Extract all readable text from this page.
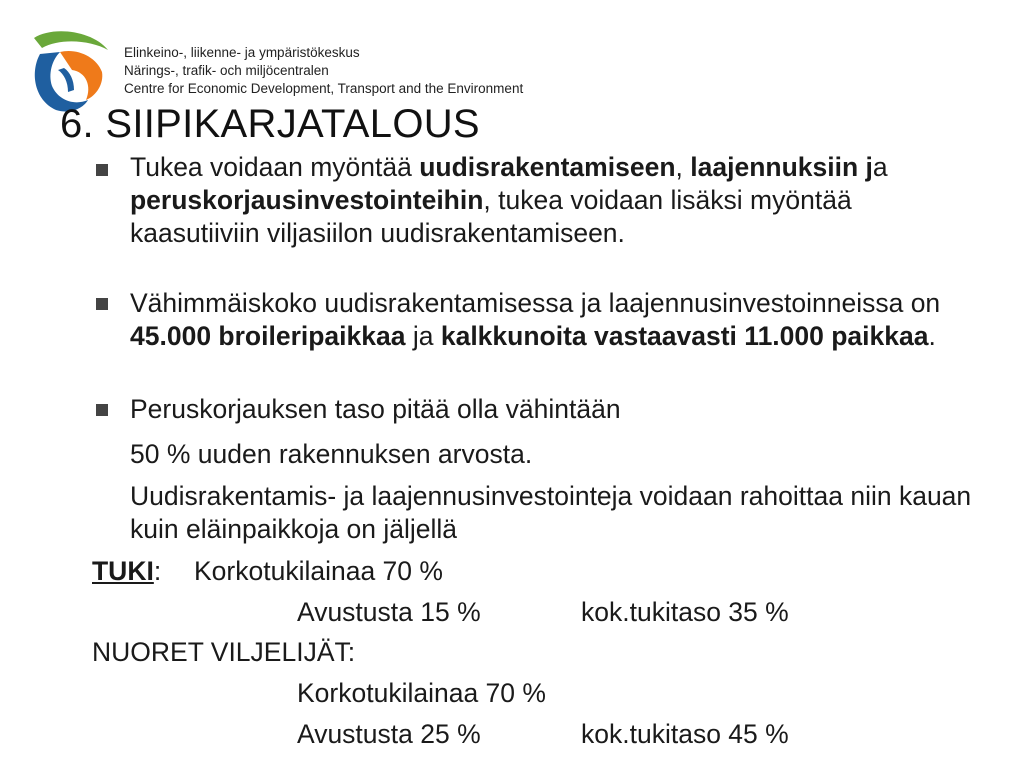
Elinkeino-, liikenne- ja ympäristökeskus
Närings-, trafik- och miljöcentralen
Centre for Economic Development, Transport and the Environment
6. SIIPIKARJATALOUS
Tukea voidaan myöntää uudisrakentamiseen, laajennuksiin ja peruskorjausinvestointeihin, tukea voidaan lisäksi myöntää kaasutiiviin viljasiilon uudisrakentamiseen.
Vähimmäiskoko uudisrakentamisessa ja laajennusinvestoinneissa on 45.000 broileripaikkaa ja kalkkunoita vastaavasti 11.000 paikkaa.
Peruskorjauksen taso pitää olla vähintään
50 % uuden rakennuksen arvosta.
Uudisrakentamis- ja laajennusinvestointeja voidaan rahoittaa niin kauan kuin eläinpaikkoja on jäljellä
TUKI: Korkotukilainaa 70 %
Avustusta 15 %	kok.tukitaso 35 %
NUORET VILJELIJÄT:
Korkotukilainaa 70 %
Avustusta 25 %	kok.tukitaso 45 %
